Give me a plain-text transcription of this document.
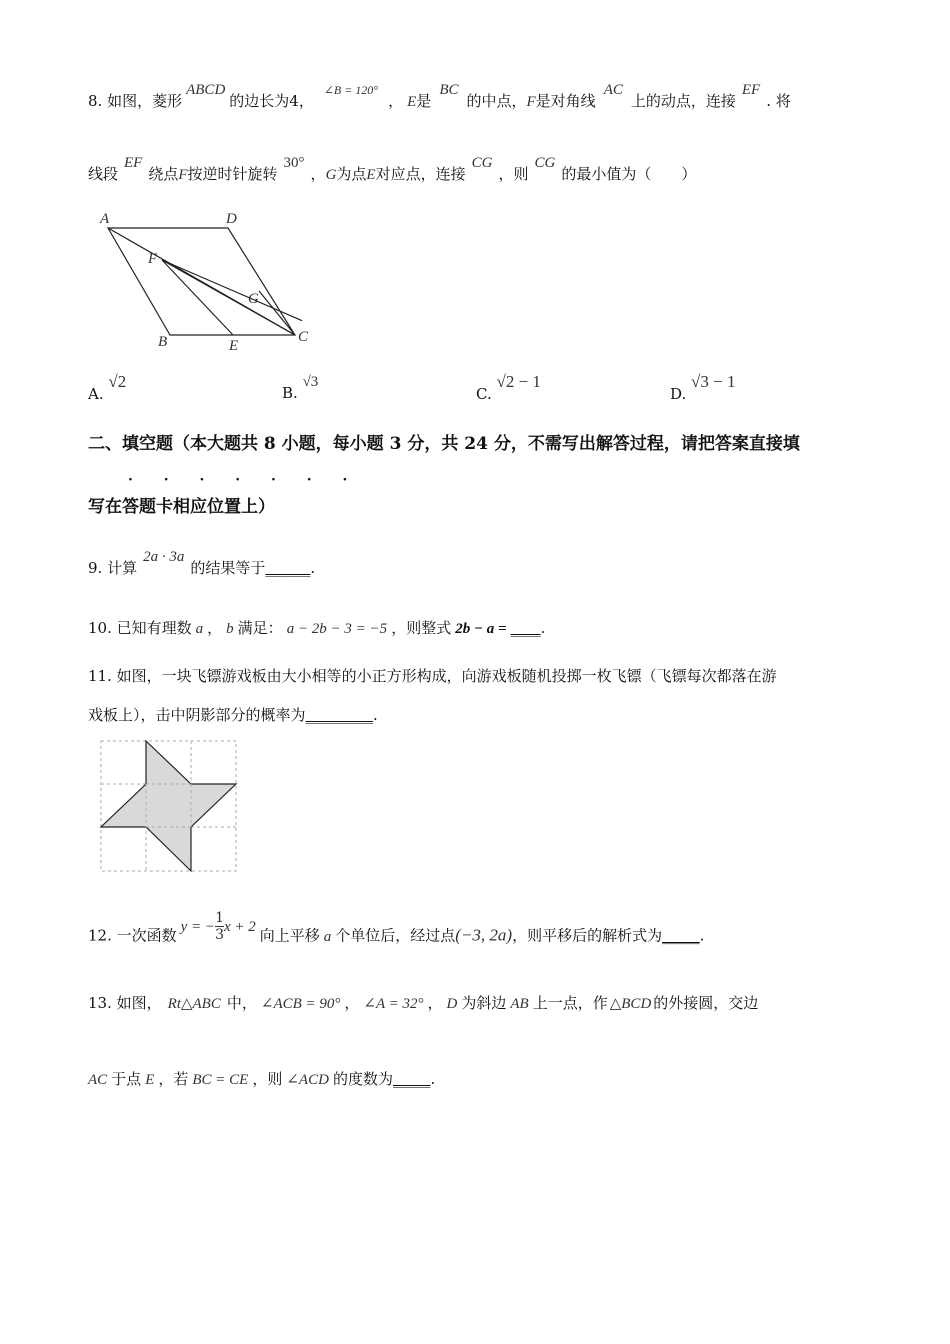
8. 如图，菱形ABCD的边长为4，$^{\angle B = 120^\circ}$， E是BC的中点，F是对角线AC上的动点，连接EF. 将
线段EF绕点F按逆时针旋转30°，G为点E对应点，连接CG，则CG的最小值为（　　）
A	D
F
G
B	E
C
A. √2
B. √3
C. √2 − 1
D. √3 − 1
二、填空题（本大题共 8 小题，每小题 3 分，共 24 分，不需写出解答过程，请把答案直接填
· · · · · · ·
写在答题卡相应位置上）
9. 计算2a · 3a的结果等于______.
10. 已知有理数 a ， b 满足： a − 2b − 3 = −5 ，则整式 2b − a = ____.
11. 如图，一块飞镖游戏板由大小相等的小正方形构成，向游戏板随机投掷一枚飞镖（飞镖每次都落在游
戏板上），击中阴影部分的概率为_________.
12. 一次函数 y = − $\frac{1}{3}$ x + 2 向上平移 a 个单位后，经过点(−3, 2a)，则平移后的解析式为_____.
13. 如图， Rt△ABC 中， ∠ACB = 90° ， ∠A = 32° ， D 为斜边 AB 上一点，作 △BCD 的外接圆，交边
AC 于点 E ，若 BC = CE ，则 ∠ACD 的度数为_____.
